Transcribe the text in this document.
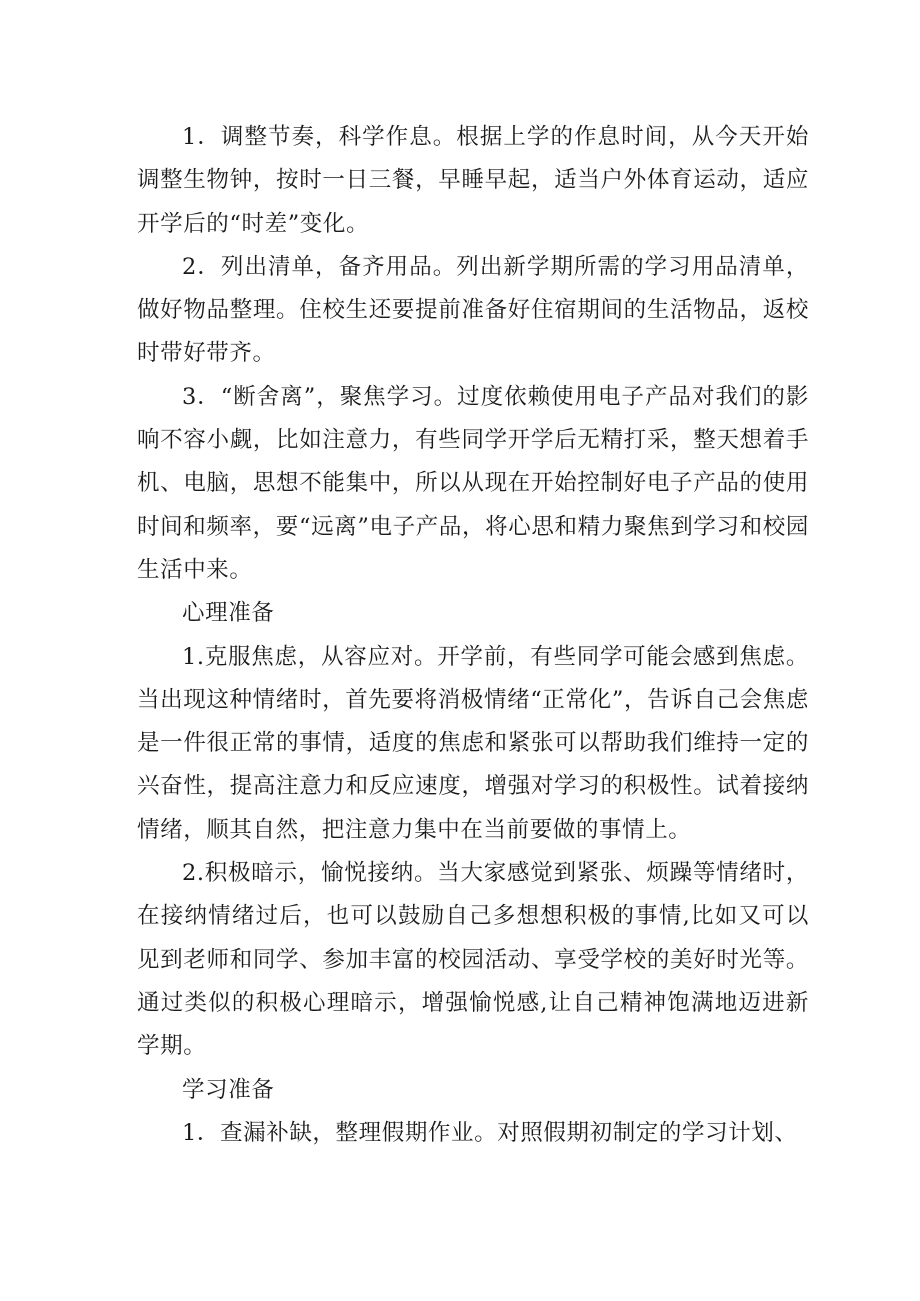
1．调整节奏，科学作息。根据上学的作息时间，从今天开始调整生物钟，按时一日三餐，早睡早起，适当户外体育运动，适应开学后的“时差”变化。

2．列出清单，备齐用品。列出新学期所需的学习用品清单，做好物品整理。住校生还要提前准备好住宿期间的生活物品，返校时带好带齐。

3．“断舍离”，聚焦学习。过度依赖使用电子产品对我们的影响不容小觑，比如注意力，有些同学开学后无精打采，整天想着手机、电脑，思想不能集中，所以从现在开始控制好电子产品的使用时间和频率，要“远离”电子产品，将心思和精力聚焦到学习和校园生活中来。

心理准备

1.克服焦虑，从容应对。开学前，有些同学可能会感到焦虑。当出现这种情绪时，首先要将消极情绪“正常化”，告诉自己会焦虑是一件很正常的事情，适度的焦虑和紧张可以帮助我们维持一定的兴奋性，提高注意力和反应速度，增强对学习的积极性。试着接纳情绪，顺其自然，把注意力集中在当前要做的事情上。

2.积极暗示，愉悦接纳。当大家感觉到紧张、烦躁等情绪时，在接纳情绪过后，也可以鼓励自己多想想积极的事情,比如又可以见到老师和同学、参加丰富的校园活动、享受学校的美好时光等。通过类似的积极心理暗示，增强愉悦感,让自己精神饱满地迈进新学期。

学习准备

1．查漏补缺，整理假期作业。对照假期初制定的学习计划、
